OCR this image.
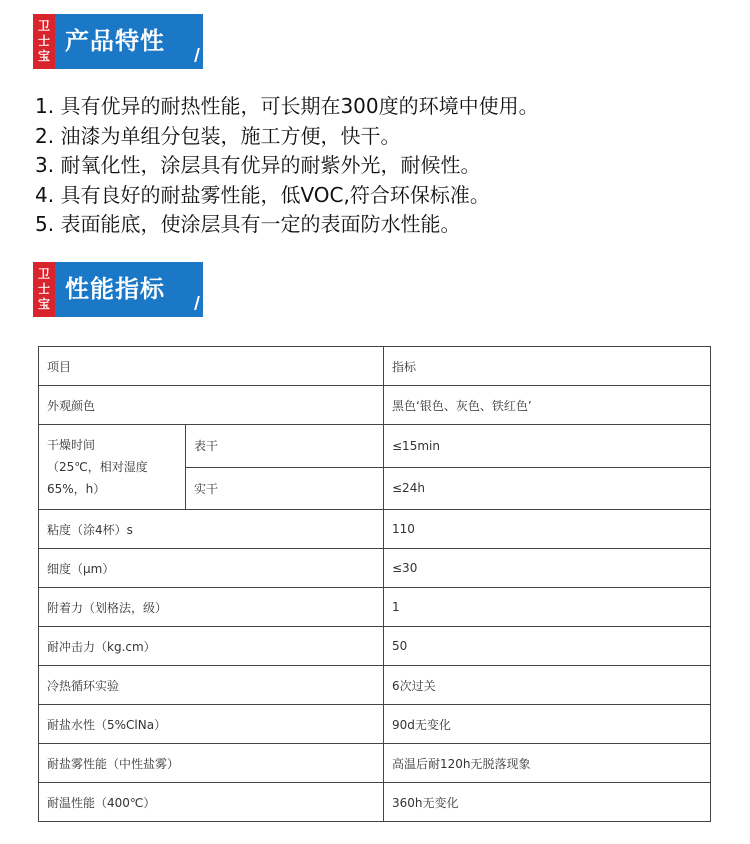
卫
士
宝
产品特性
1. 具有优异的耐热性能，可长期在300度的环境中使用。
2. 油漆为单组分包装，施工方便，快干。
3. 耐氧化性，涂层具有优异的耐紫外光，耐候性。
4. 具有良好的耐盐雾性能，低VOC,符合环保标准。
5. 表面能底，使涂层具有一定的表面防水性能。
卫
士
宝
性能指标
项目		指标
外观颜色		黑色‘银色、灰色、铁红色’

干燥时间
（25℃，相对湿度
65%，h）	表干	≤15min
	实干	≤24h
粘度（涂4杯）s		110
细度（μm）		≤30
附着力（划格法，级）		1
耐冲击力（kg.cm）		50
冷热循环实验		6次过关
耐盐水性（5%ClNa）		90d无变化
耐盐雾性能（中性盐雾）		高温后耐120h无脱落现象
耐温性能（400℃）		360h无变化
